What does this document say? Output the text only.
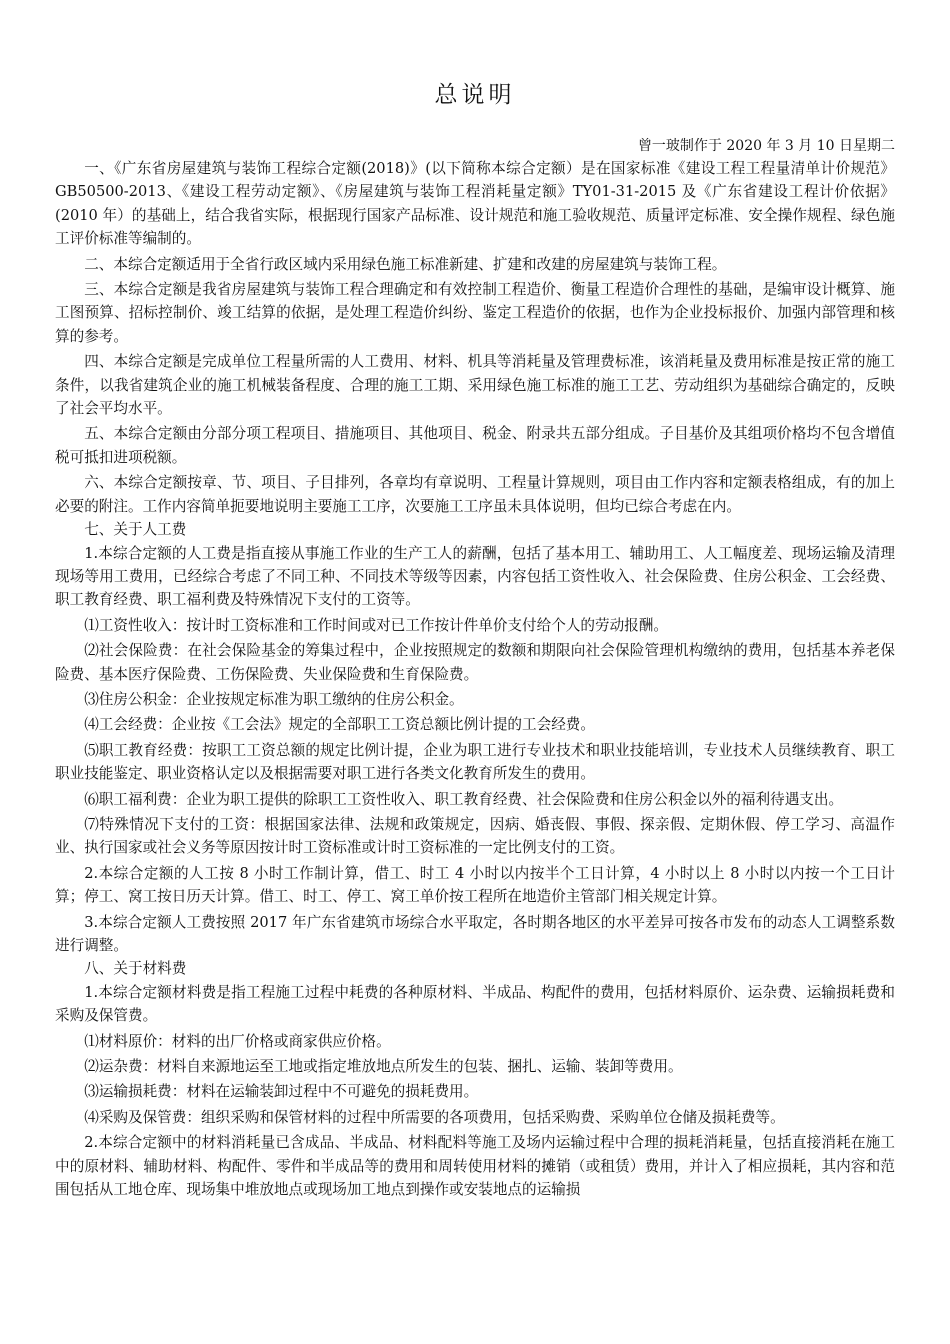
总说明
曾一玻制作于 2020 年 3 月 10 日星期二

一、《广东省房屋建筑与装饰工程综合定额(2018)》(以下简称本综合定额）是在国家标准《建设工程工程量清单计价规范》GB50500-2013、《建设工程劳动定额》、《房屋建筑与装饰工程消耗量定额》TY01-31-2015 及《广东省建设工程计价依据》(2010 年）的基础上，结合我省实际，根据现行国家产品标准、设计规范和施工验收规范、质量评定标准、安全操作规程、绿色施工评价标准等编制的。

二、本综合定额适用于全省行政区域内采用绿色施工标准新建、扩建和改建的房屋建筑与装饰工程。

三、本综合定额是我省房屋建筑与装饰工程合理确定和有效控制工程造价、衡量工程造价合理性的基础，是编审设计概算、施工图预算、招标控制价、竣工结算的依据，是处理工程造价纠纷、鉴定工程造价的依据，也作为企业投标报价、加强内部管理和核算的参考。

四、本综合定额是完成单位工程量所需的人工费用、材料、机具等消耗量及管理费标准，该消耗量及费用标准是按正常的施工条件，以我省建筑企业的施工机械装备程度、合理的施工工期、采用绿色施工标准的施工工艺、劳动组织为基础综合确定的，反映了社会平均水平。

五、本综合定额由分部分项工程项目、措施项目、其他项目、税金、附录共五部分组成。子目基价及其组项价格均不包含增值税可抵扣进项税额。

六、本综合定额按章、节、项目、子目排列，各章均有章说明、工程量计算规则，项目由工作内容和定额表格组成，有的加上必要的附注。工作内容简单扼要地说明主要施工工序，次要施工工序虽未具体说明，但均已综合考虑在内。

七、关于人工费

1.本综合定额的人工费是指直接从事施工作业的生产工人的薪酬，包括了基本用工、辅助用工、人工幅度差、现场运输及清理现场等用工费用，已经综合考虑了不同工种、不同技术等级等因素，内容包括工资性收入、社会保险费、住房公积金、工会经费、职工教育经费、职工福利费及特殊情况下支付的工资等。

⑴工资性收入：按计时工资标准和工作时间或对已工作按计件单价支付给个人的劳动报酬。

⑵社会保险费：在社会保险基金的筹集过程中，企业按照规定的数额和期限向社会保险管理机构缴纳的费用，包括基本养老保险费、基本医疗保险费、工伤保险费、失业保险费和生育保险费。

⑶住房公积金：企业按规定标准为职工缴纳的住房公积金。

⑷工会经费：企业按《工会法》规定的全部职工工资总额比例计提的工会经费。

⑸职工教育经费：按职工工资总额的规定比例计提，企业为职工进行专业技术和职业技能培训，专业技术人员继续教育、职工职业技能鉴定、职业资格认定以及根据需要对职工进行各类文化教育所发生的费用。

⑹职工福利费：企业为职工提供的除职工工资性收入、职工教育经费、社会保险费和住房公积金以外的福利待遇支出。

⑺特殊情况下支付的工资：根据国家法律、法规和政策规定，因病、婚丧假、事假、探亲假、定期休假、停工学习、高温作业、执行国家或社会义务等原因按计时工资标准或计时工资标准的一定比例支付的工资。

2.本综合定额的人工按 8 小时工作制计算，借工、时工 4 小时以内按半个工日计算，4 小时以上 8 小时以内按一个工日计算；停工、窝工按日历天计算。借工、时工、停工、窝工单价按工程所在地造价主管部门相关规定计算。

3.本综合定额人工费按照 2017 年广东省建筑市场综合水平取定，各时期各地区的水平差异可按各市发布的动态人工调整系数进行调整。

八、关于材料费

1.本综合定额材料费是指工程施工过程中耗费的各种原材料、半成品、构配件的费用，包括材料原价、运杂费、运输损耗费和采购及保管费。

⑴材料原价：材料的出厂价格或商家供应价格。

⑵运杂费：材料自来源地运至工地或指定堆放地点所发生的包装、捆扎、运输、装卸等费用。

⑶运输损耗费：材料在运输装卸过程中不可避免的损耗费用。

⑷采购及保管费：组织采购和保管材料的过程中所需要的各项费用，包括采购费、采购单位仓储及损耗费等。

2.本综合定额中的材料消耗量已含成品、半成品、材料配料等施工及场内运输过程中合理的损耗消耗量，包括直接消耗在施工中的原材料、辅助材料、构配件、零件和半成品等的费用和周转使用材料的摊销（或租赁）费用，并计入了相应损耗，其内容和范围包括从工地仓库、现场集中堆放地点或现场加工地点到操作或安装地点的运输损
